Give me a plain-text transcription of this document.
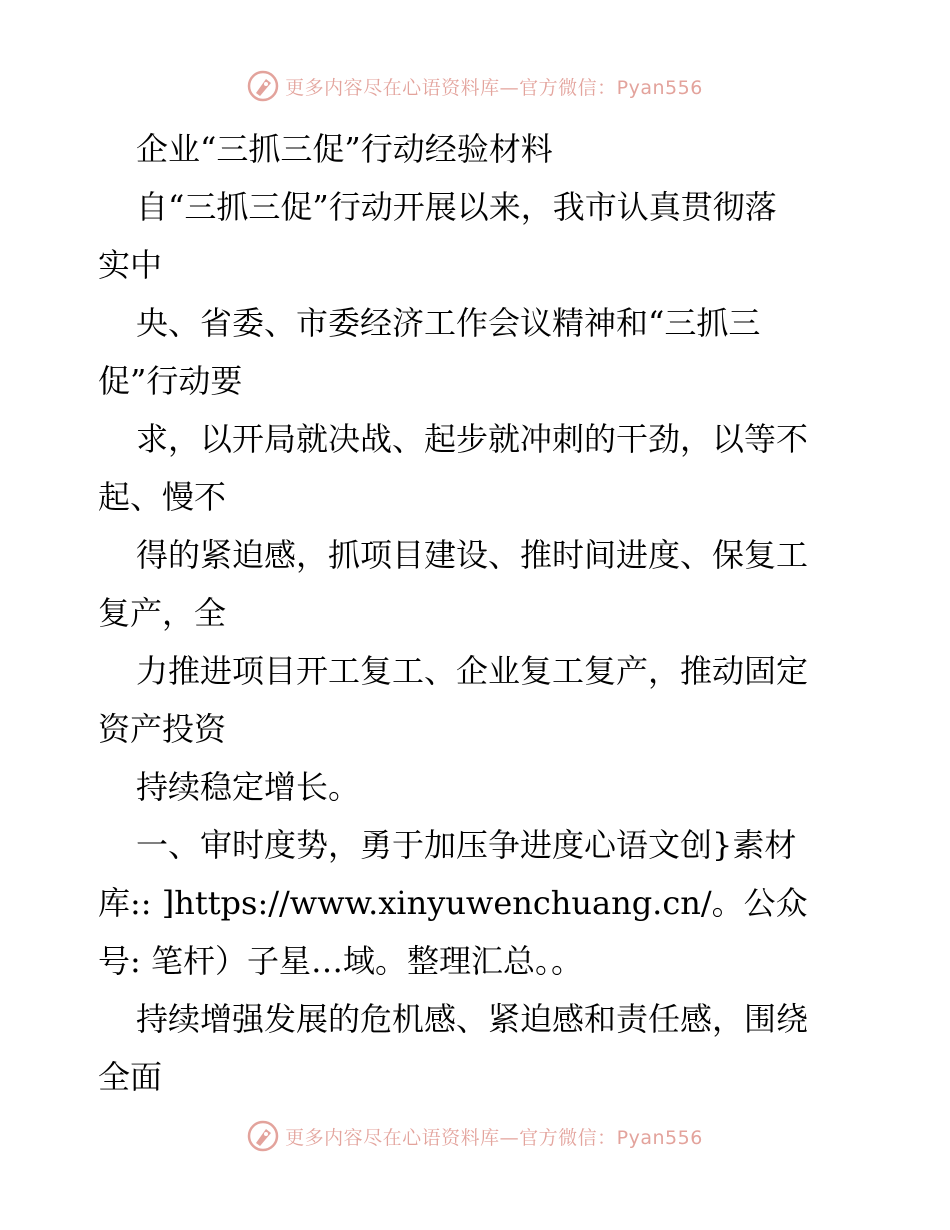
更多内容尽在心语资料库—官方微信：Pyan556
企业“三抓三促”行动经验材料
自“三抓三促”行动开展以来，我市认真贯彻落
实中
央、省委、市委经济工作会议精神和“三抓三
促”行动要
求，以开局就决战、起步就冲刺的干劲，以等不
起、慢不
得的紧迫感，抓项目建设、推时间进度、保复工
复产，全
力推进项目开工复工、企业复工复产，推动固定
资产投资
持续稳定增长。
一、审时度势，勇于加压争进度心语文创}素材
库:: ]https://www.xinyuwenchuang.cn/。公众
号: 笔杆）子星…域。整理汇总。。
持续增强发展的危机感、紧迫感和责任感，围绕
全面
更多内容尽在心语资料库—官方微信：Pyan556
